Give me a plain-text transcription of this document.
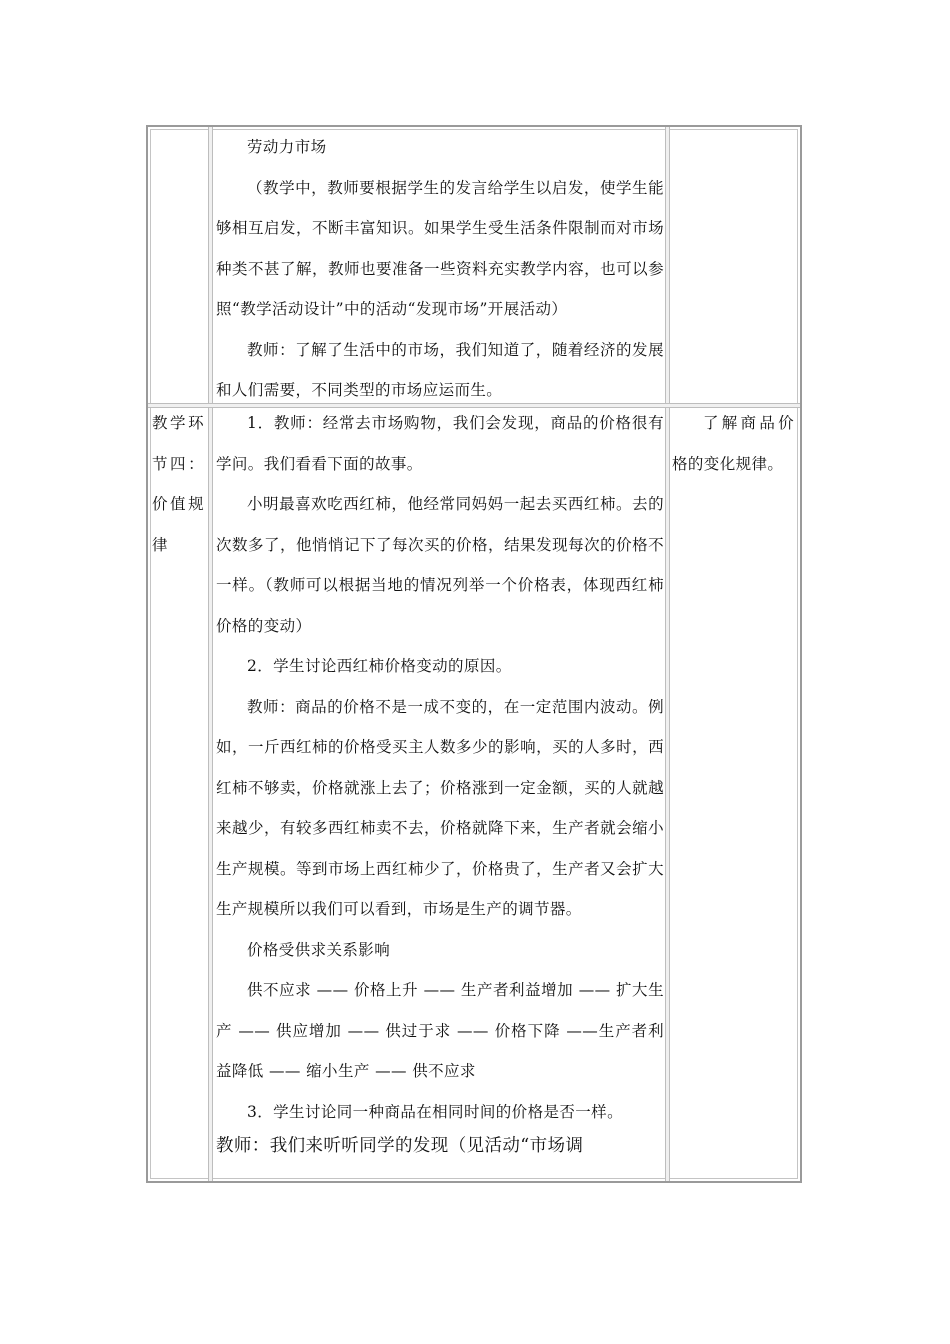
劳动力市场

（教学中，教师要根据学生的发言给学生以启发，使学生能够相互启发，不断丰富知识。如果学生受生活条件限制而对市场种类不甚了解，教师也要准备一些资料充实教学内容，也可以参照“教学活动设计”中的活动“发现市场”开展活动）

教师：了解了生活中的市场，我们知道了，随着经济的发展和人们需要，不同类型的市场应运而生。

教学环节四：价值规律

1．教师：经常去市场购物，我们会发现，商品的价格很有学问。我们看看下面的故事。

小明最喜欢吃西红柿，他经常同妈妈一起去买西红柿。去的次数多了，他悄悄记下了每次买的价格，结果发现每次的价格不一样。（教师可以根据当地的情况列举一个价格表，体现西红柿价格的变动）

2．学生讨论西红柿价格变动的原因。

教师：商品的价格不是一成不变的，在一定范围内波动。例如，一斤西红柿的价格受买主人数多少的影响，买的人多时，西红柿不够卖，价格就涨上去了；价格涨到一定金额，买的人就越来越少，有较多西红柿卖不去，价格就降下来，生产者就会缩小生产规模。等到市场上西红柿少了，价格贵了，生产者又会扩大生产规模所以我们可以看到，市场是生产的调节器。

价格受供求关系影响

供不应求 —— 价格上升 —— 生产者利益增加 —— 扩大生产 —— 供应增加 —— 供过于求 —— 价格下降 ——生产者利益降低 —— 缩小生产 —— 供不应求

3．学生讨论同一种商品在相同时间的价格是否一样。

教师：我们来听听同学的发现（见活动“市场调

了解商品价格的变化规律。
